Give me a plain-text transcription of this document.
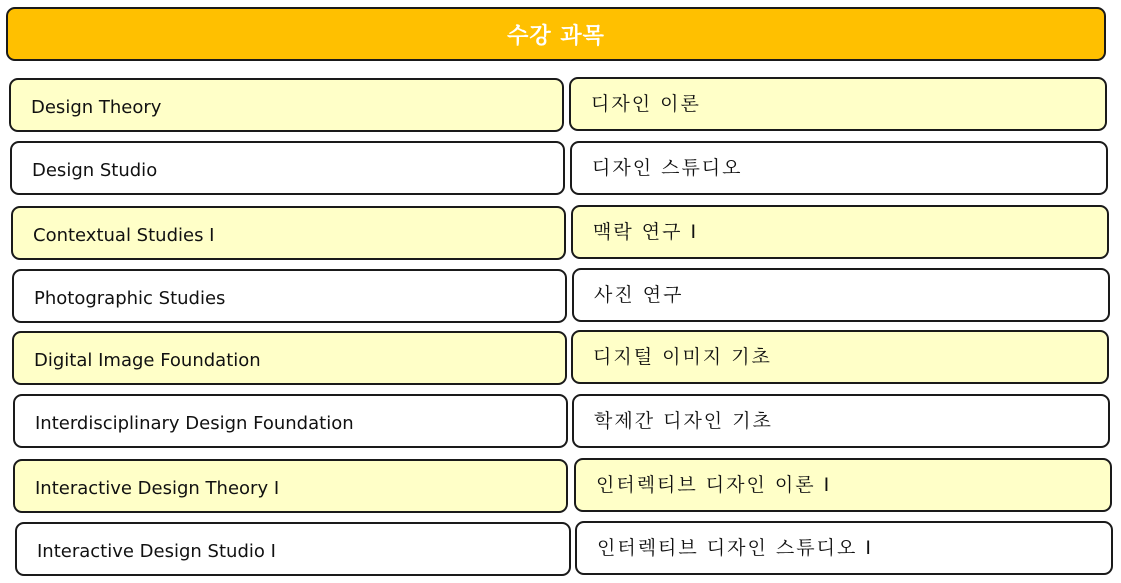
수강 과목
Design Theory	디자인 이론
Design Studio	디자인 스튜디오
Contextual Studies I	맥락 연구 I
Photographic Studies	사진 연구
Digital Image Foundation	디지털 이미지 기초
Interdisciplinary Design Foundation	학제간 디자인 기초
Interactive Design Theory I	인터렉티브 디자인 이론 I
Interactive Design Studio I	인터렉티브 디자인 스튜디오 I
